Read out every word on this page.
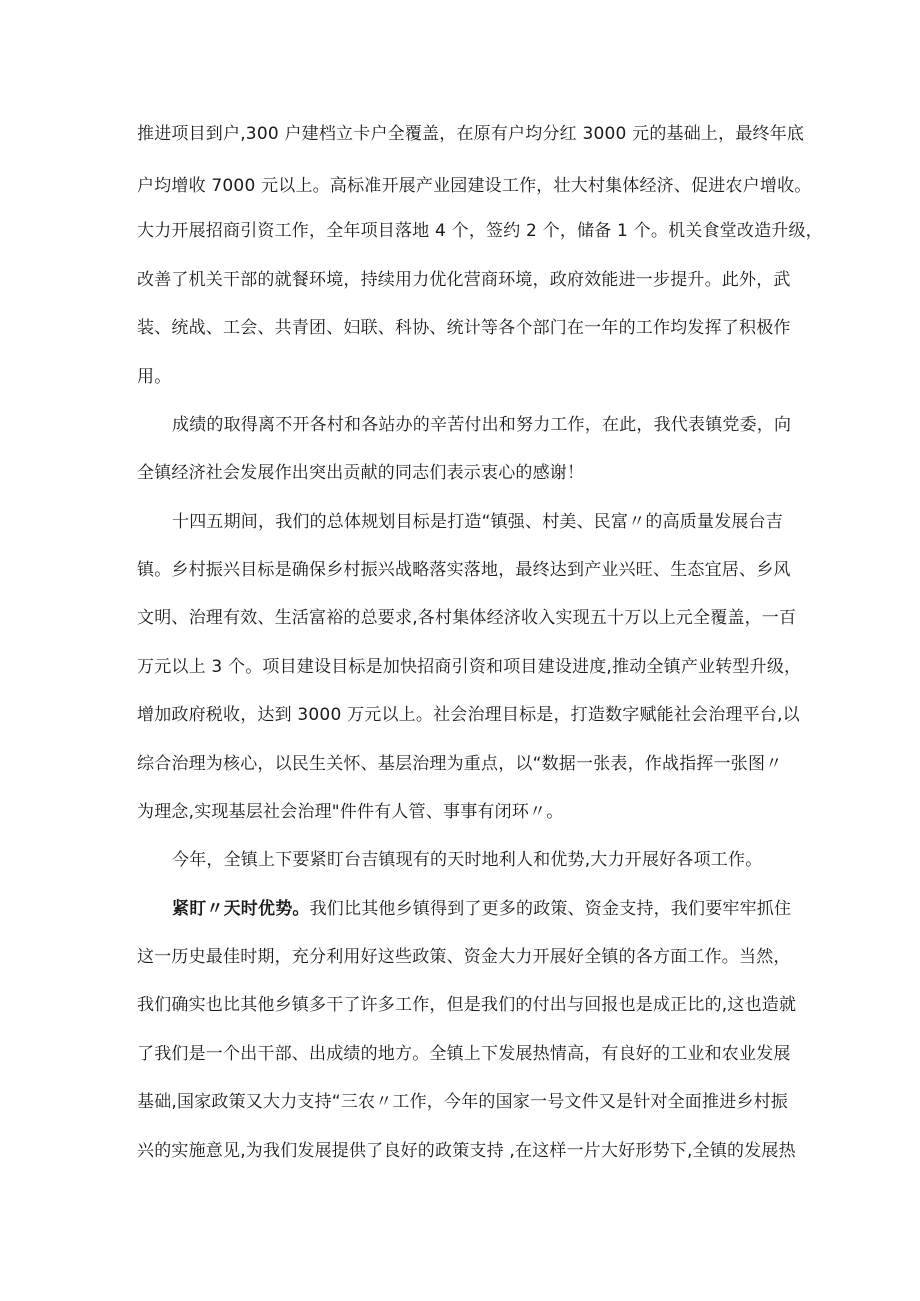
推进项目到户,300 户建档立卡户全覆盖，在原有户均分红 3000 元的基础上，最终年底
户均增收 7000 元以上。高标准开展产业园建设工作，壮大村集体经济、促进农户增收。
大力开展招商引资工作，全年项目落地 4 个，签约 2 个，储备 1 个。机关食堂改造升级，
改善了机关干部的就餐环境，持续用力优化营商环境，政府效能进一步提升。此外，武
装、统战、工会、共青团、妇联、科协、统计等各个部门在一年的工作均发挥了积极作
用。
成绩的取得离不开各村和各站办的辛苦付出和努力工作，在此，我代表镇党委，向
全镇经济社会发展作出突出贡献的同志们表示衷心的感谢！
十四五期间，我们的总体规划目标是打造“镇强、村美、民富〃的高质量发展台吉
镇。乡村振兴目标是确保乡村振兴战略落实落地，最终达到产业兴旺、生态宜居、乡风
文明、治理有效、生活富裕的总要求,各村集体经济收入实现五十万以上元全覆盖，一百
万元以上 3 个。项目建设目标是加快招商引资和项目建设进度,推动全镇产业转型升级，
增加政府税收，达到 3000 万元以上。社会治理目标是，打造数字赋能社会治理平台,以
综合治理为核心，以民生关怀、基层治理为重点，以“数据一张表，作战指挥一张图〃
为理念,实现基层社会治理"件件有人管、事事有闭环〃。
今年，全镇上下要紧盯台吉镇现有的天时地利人和优势,大力开展好各项工作。
紧盯〃天时优势。我们比其他乡镇得到了更多的政策、资金支持，我们要牢牢抓住
这一历史最佳时期，充分利用好这些政策、资金大力开展好全镇的各方面工作。当然，
我们确实也比其他乡镇多干了许多工作，但是我们的付出与回报也是成正比的,这也造就
了我们是一个出干部、出成绩的地方。全镇上下发展热情高，有良好的工业和农业发展
基础,国家政策又大力支持“三农〃工作，今年的国家一号文件又是针对全面推进乡村振
兴的实施意见,为我们发展提供了良好的政策支持 ,在这样一片大好形势下,全镇的发展热
